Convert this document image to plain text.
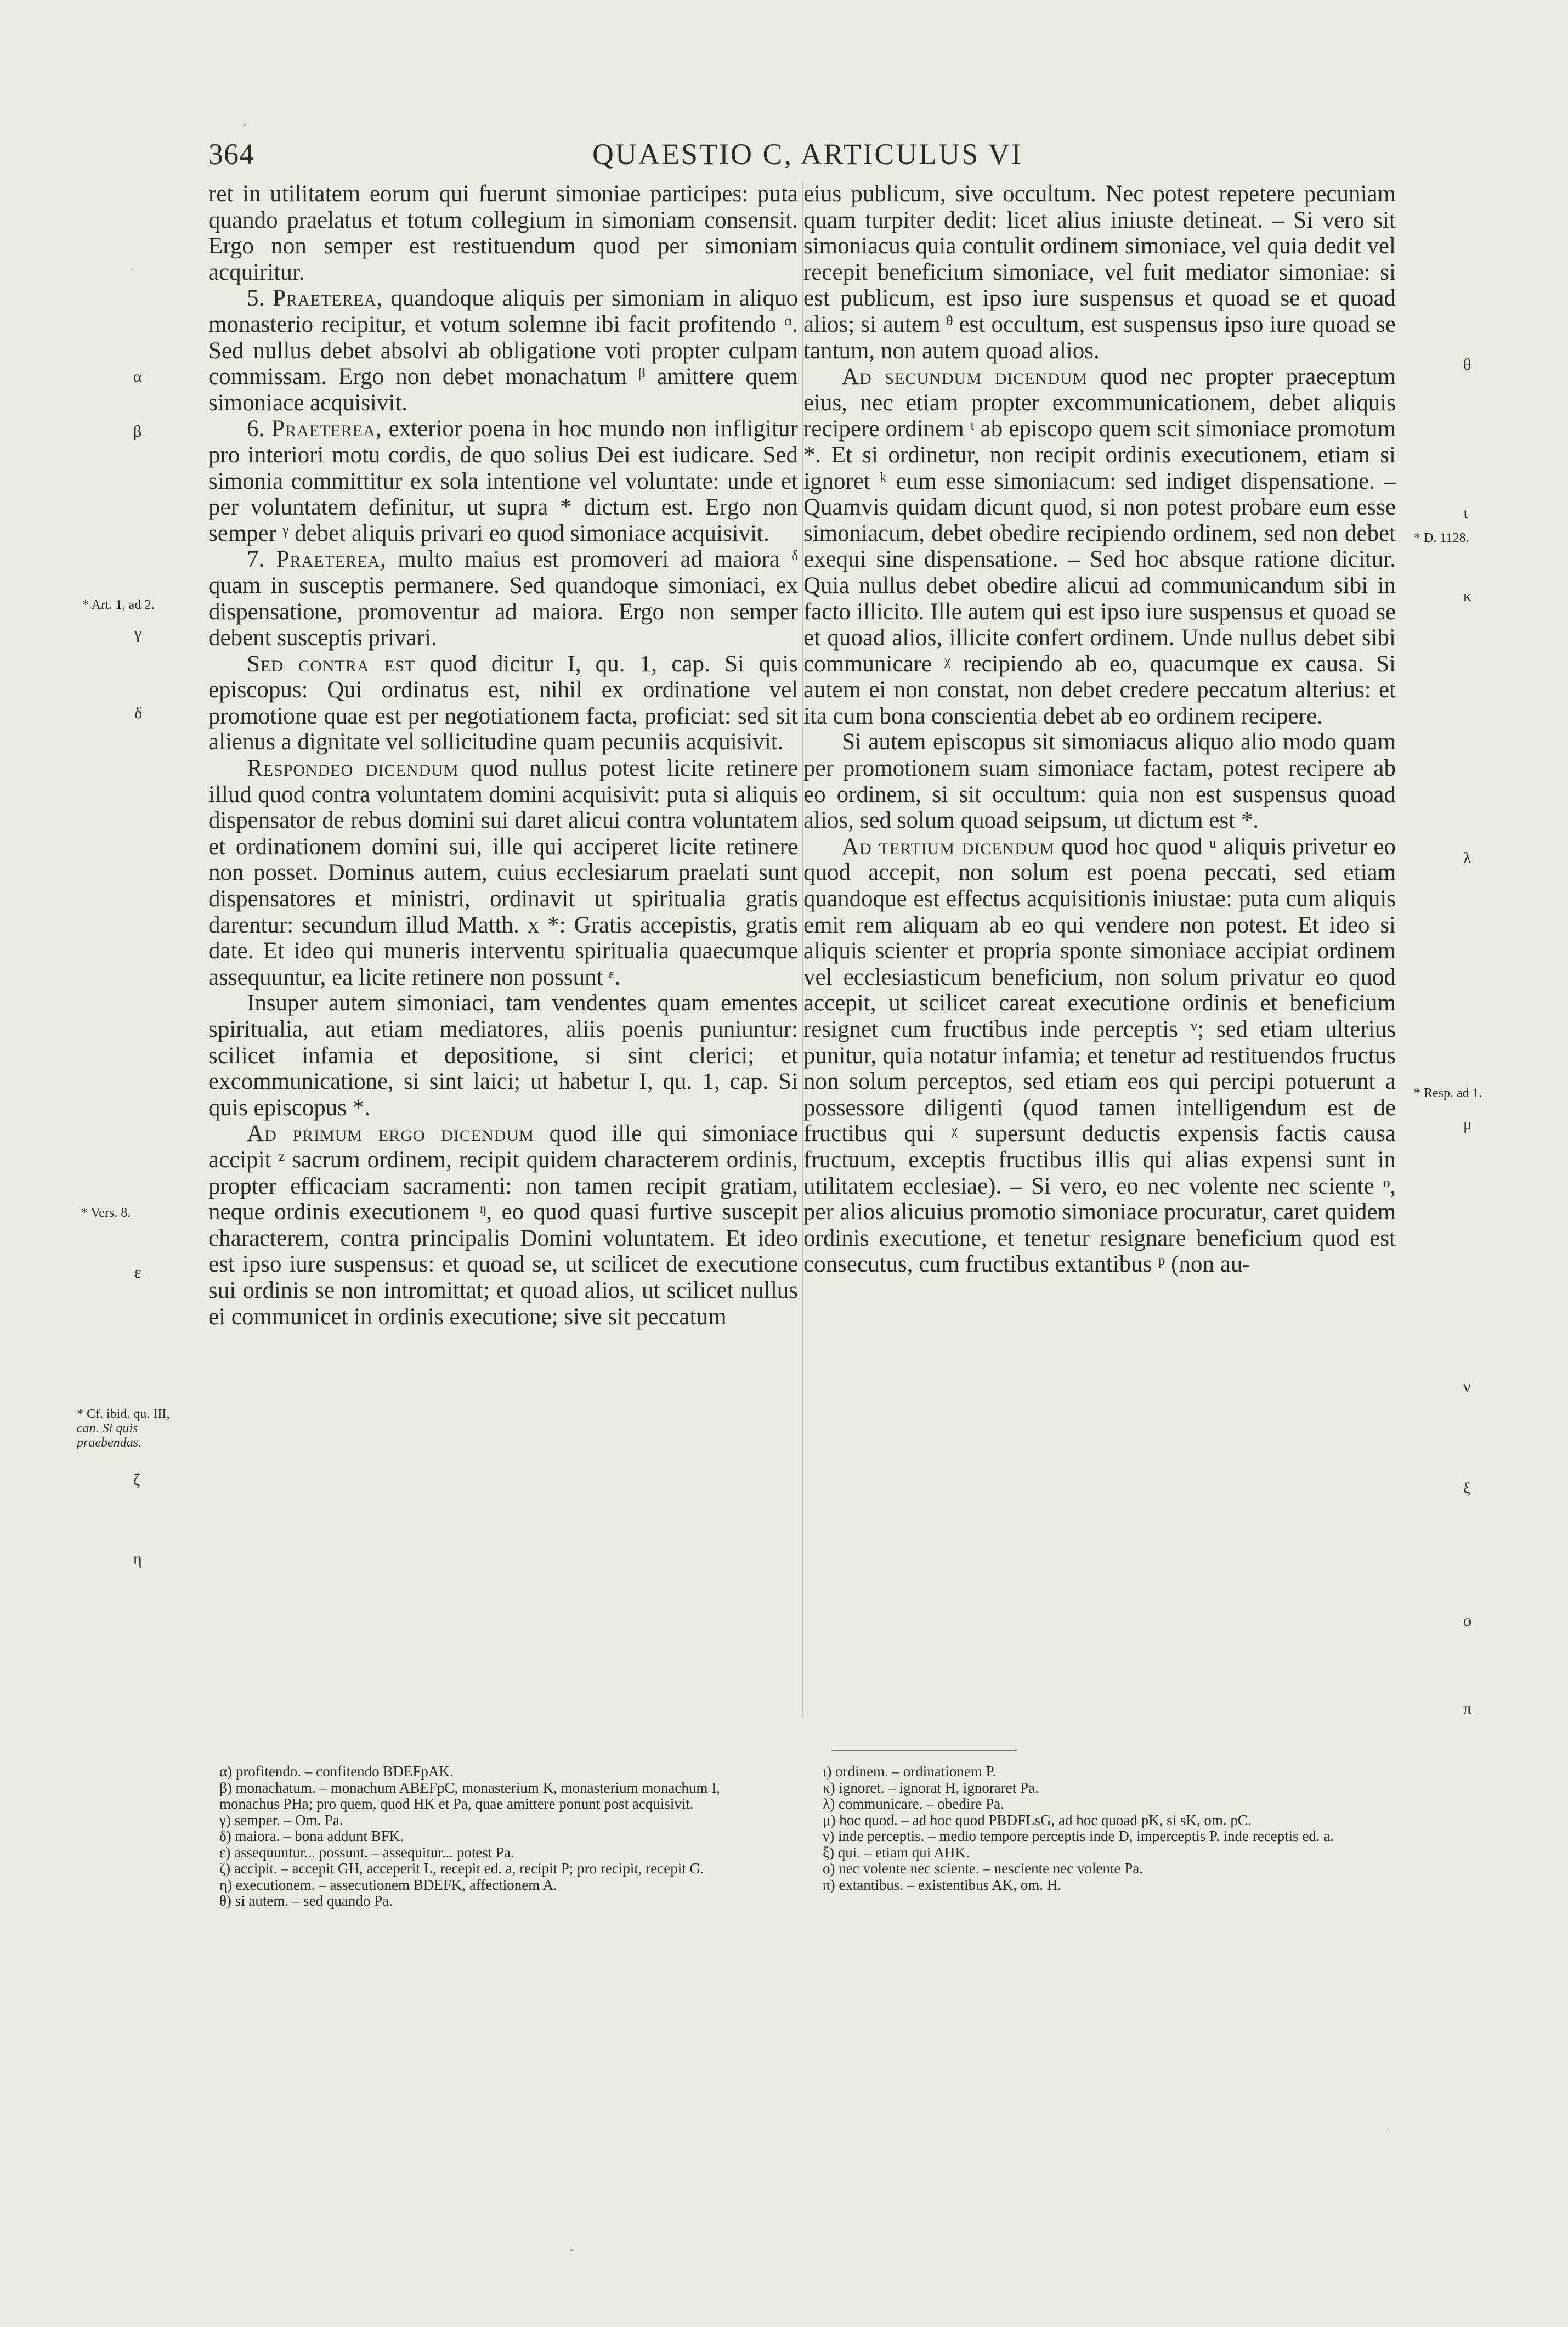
364	QUAESTIO C, ARTICULUS VI

ret in utilitatem eorum qui fuerunt simoniae participes: puta quando praelatus et totum collegium in simoniam consensit. Ergo non semper est restituendum quod per simoniam acquiritur.

5. Praeterea, quandoque aliquis per simoniam in aliquo monasterio recipitur, et votum solemne ibi facit profitendo ᵅ. Sed nullus debet absolvi ab obligatione voti propter culpam commissam. Ergo non debet monachatum ᵝ amittere quem simoniace acquisivit.

6. Praeterea, exterior poena in hoc mundo non infligitur pro interiori motu cordis, de quo solius Dei est iudicare. Sed simonia committitur ex sola intentione vel voluntate: unde et per voluntatem definitur, ut supra * dictum est. Ergo non semper ᵞ debet aliquis privari eo quod simoniace acquisivit.

7. Praeterea, multo maius est promoveri ad maiora ᵟ quam in susceptis permanere. Sed quandoque simoniaci, ex dispensatione, promoventur ad maiora. Ergo non semper debent susceptis privari.

Sed contra est quod dicitur I, qu. 1, cap. Si quis episcopus: Qui ordinatus est, nihil ex ordinatione vel promotione quae est per negotiationem facta, proficiat: sed sit alienus a dignitate vel sollicitudine quam pecuniis acquisivit.

Respondeo dicendum quod nullus potest licite retinere illud quod contra voluntatem domini acquisivit: puta si aliquis dispensator de rebus domini sui daret alicui contra voluntatem et ordinationem domini sui, ille qui acciperet licite retinere non posset. Dominus autem, cuius ecclesiarum praelati sunt dispensatores et ministri, ordinavit ut spiritualia gratis darentur: secundum illud Matth. x *: Gratis accepistis, gratis date. Et ideo qui muneris interventu spiritualia quaecumque assequuntur, ea licite retinere non possunt ᵋ.

Insuper autem simoniaci, tam vendentes quam ementes spiritualia, aut etiam mediatores, aliis poenis puniuntur: scilicet infamia et depositione, si sint clerici; et excommunicatione, si sint laici; ut habetur I, qu. 1, cap. Si quis episcopus *.

Ad primum ergo dicendum quod ille qui simoniace accipit ᶻ sacrum ordinem, recipit quidem characterem ordinis, propter efficaciam sacramenti: non tamen recipit gratiam, neque ordinis executionem ᵑ, eo quod quasi furtive suscepit characterem, contra principalis Domini voluntatem. Et ideo est ipso iure suspensus: et quoad se, ut scilicet de executione sui ordinis se non intromittat; et quoad alios, ut scilicet nullus ei communicet in ordinis executione; sive sit peccatum

eius publicum, sive occultum. Nec potest repetere pecuniam quam turpiter dedit: licet alius iniuste detineat. – Si vero sit simoniacus quia contulit ordinem simoniace, vel quia dedit vel recepit beneficium simoniace, vel fuit mediator simoniae: si est publicum, est ipso iure suspensus et quoad se et quoad alios; si autem ᶿ est occultum, est suspensus ipso iure quoad se tantum, non autem quoad alios.

Ad secundum dicendum quod nec propter praeceptum eius, nec etiam propter excommunicationem, debet aliquis recipere ordinem ᶥ ab episcopo quem scit simoniace promotum *. Et si ordinetur, non recipit ordinis executionem, etiam si ignoret ᵏ eum esse simoniacum: sed indiget dispensatione. – Quamvis quidam dicunt quod, si non potest probare eum esse simoniacum, debet obedire recipiendo ordinem, sed non debet exequi sine dispensatione. – Sed hoc absque ratione dicitur. Quia nullus debet obedire alicui ad communicandum sibi in facto illicito. Ille autem qui est ipso iure suspensus et quoad se et quoad alios, illicite confert ordinem. Unde nullus debet sibi communicare ᵡ recipiendo ab eo, quacumque ex causa. Si autem ei non constat, non debet credere peccatum alterius: et ita cum bona conscientia debet ab eo ordinem recipere.

Si autem episcopus sit simoniacus aliquo alio modo quam per promotionem suam simoniace factam, potest recipere ab eo ordinem, si sit occultum: quia non est suspensus quoad alios, sed solum quoad seipsum, ut dictum est *.

Ad tertium dicendum quod hoc quod ᵘ aliquis privetur eo quod accepit, non solum est poena peccati, sed etiam quandoque est effectus acquisitionis iniustae: puta cum aliquis emit rem aliquam ab eo qui vendere non potest. Et ideo si aliquis scienter et propria sponte simoniace accipiat ordinem vel ecclesiasticum beneficium, non solum privatur eo quod accepit, ut scilicet careat executione ordinis et beneficium resignet cum fructibus inde perceptis ᵛ; sed etiam ulterius punitur, quia notatur infamia; et tenetur ad restituendos fructus non solum perceptos, sed etiam eos qui percipi potuerunt a possessore diligenti (quod tamen intelligendum est de fructibus qui ᵡ supersunt deductis expensis factis causa fructuum, exceptis fructibus illis qui alias expensi sunt in utilitatem ecclesiae). – Si vero, eo nec volente nec sciente ᵒ, per alios alicuius promotio simoniace procuratur, caret quidem ordinis executione, et tenetur resignare beneficium quod est consecutus, cum fructibus extantibus ᵖ (non au-

α
β
* Art. 1, ad 2.
γ
δ
* Vers. 8.
ε
* Cf. ibid. qu. III,
can. Si quis praebendas.
ζ
η
θ
ι
* D. 1128.
κ
λ
* Resp. ad 1.
μ
ν
ξ
ο
π
α) profitendo. – confitendo BDEFpAK.
β) monachatum. – monachum ABEFpC, monasterium K, monasterium monachum I, monachus PHa; pro quem, quod HK et Pa, quae amittere ponunt post acquisivit.
γ) semper. – Om. Pa.
δ) maiora. – bona addunt BFK.
ε) assequuntur... possunt. – assequitur... potest Pa.
ζ) accipit. – accepit GH, acceperit L, recepit ed. a, recipit P; pro recipit, recepit G.
η) executionem. – assecutionem BDEFK, affectionem A.
θ) si autem. – sed quando Pa.
ι) ordinem. – ordinationem P.
κ) ignoret. – ignorat H, ignoraret Pa.
λ) communicare. – obedire Pa.
μ) hoc quod. – ad hoc quod PBDFLsG, ad hoc quoad pK, si sK, om. pC.
ν) inde perceptis. – medio tempore perceptis inde D, imperceptis P. inde receptis ed. a.
ξ) qui. – etiam qui AHK.
ο) nec volente nec sciente. – nesciente nec volente Pa.
π) extantibus. – existentibus AK, om. H.
